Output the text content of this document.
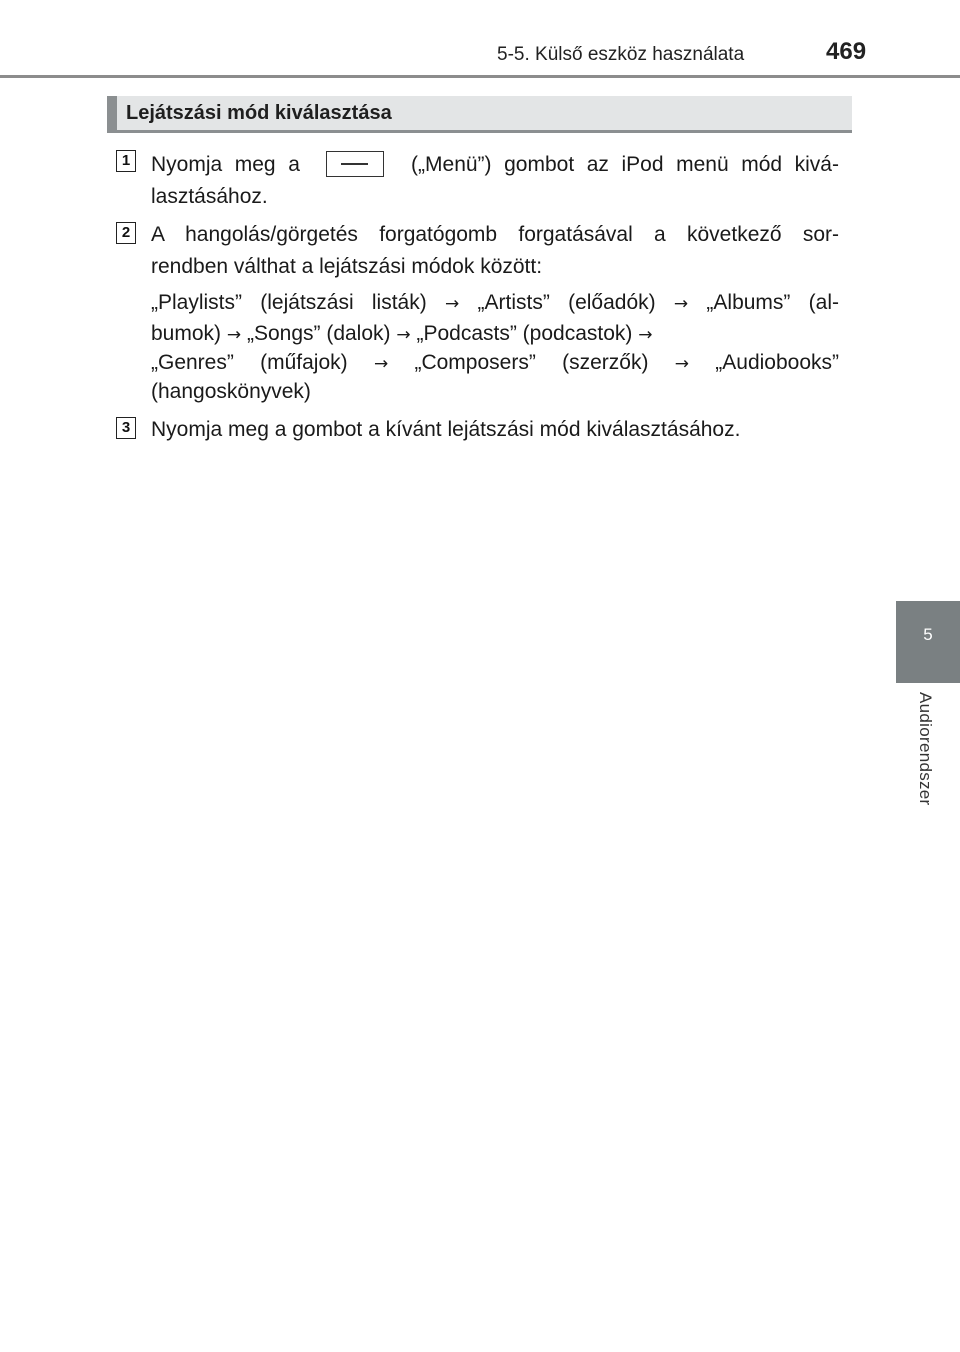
5-5. Külső eszköz használata	469
Lejátszási mód kiválasztása
1 Nyomja meg a	(„Menü”) gombot az iPod menü mód kivá-
lasztásához.
2 A hangolás/görgetés forgatógomb forgatásával a következő sor-
rendben válthat a lejátszási módok között:
„Playlists” (lejátszási listák) → „Artists” (előadók) → „Albums” (al-
bumok) → „Songs” (dalok) → „Podcasts” (podcastok) →
„Genres” (műfajok) → „Composers” (szerzők) → „Audiobooks”
(hangoskönyvek)
3 Nyomja meg a gombot a kívánt lejátszási mód kiválasztásához.
5
Audiorendszer
